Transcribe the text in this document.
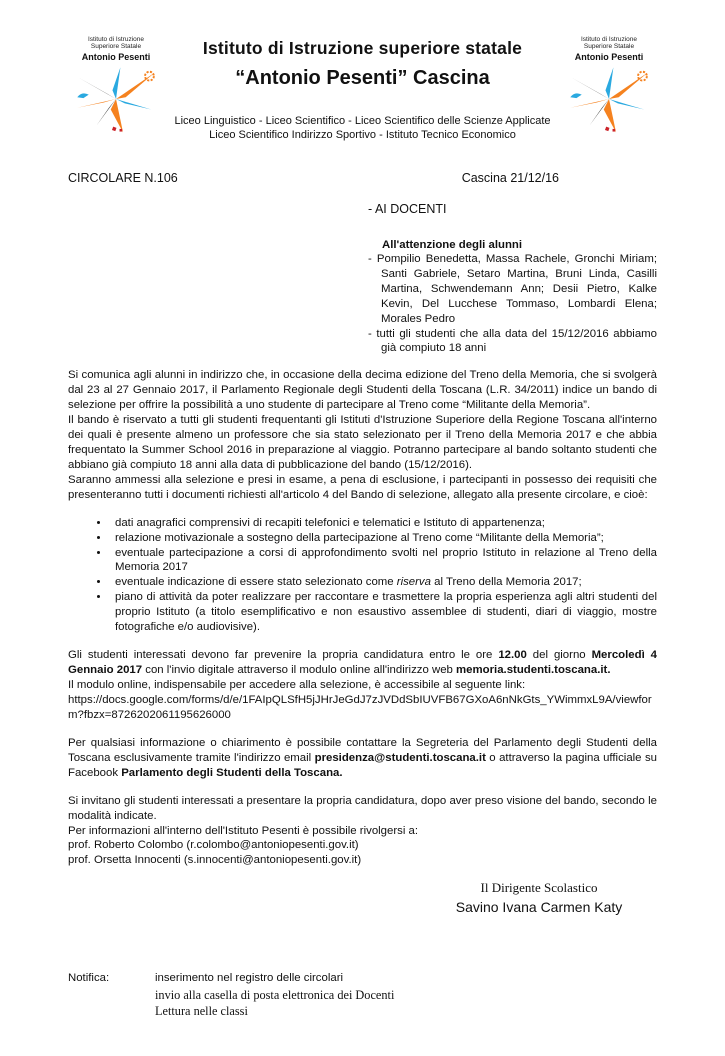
Istituto di Istruzione
Superiore Statale
Antonio Pesenti	Istituto di Istruzione superiore statale
“Antonio Pesenti” Cascina
Liceo Linguistico - Liceo Scientifico - Liceo Scientifico delle Scienze Applicate
Liceo Scientifico Indirizzo Sportivo - Istituto Tecnico Economico
Istituto di Istruzione
Superiore Statale
Antonio Pesenti
CIRCOLARE N.106	Cascina 21/12/16
- AI DOCENTI
All'attenzione degli alunni
- Pompilio Benedetta, Massa Rachele, Gronchi Miriam; Santi Gabriele, Setaro Martina, Bruni Linda, Casilli Martina, Schwendemann Ann; Desii Pietro, Kalke Kevin, Del Lucchese Tommaso, Lombardi Elena; Morales Pedro
- tutti gli studenti che alla data del 15/12/2016 abbiamo già compiuto 18 anni
Si comunica agli alunni in indirizzo che, in occasione della decima edizione del Treno della Memoria, che si svolgerà dal 23 al 27 Gennaio 2017, il Parlamento Regionale degli Studenti della Toscana (L.R. 34/2011) indice un bando di selezione per offrire la possibilità a uno studente di partecipare al Treno come “Militante della Memoria”.
Il bando è riservato a tutti gli studenti frequentanti gli Istituti d'Istruzione Superiore della Regione Toscana all'interno dei quali è presente almeno un professore che sia stato selezionato per il Treno della Memoria 2017 e che abbia frequentato la Summer School 2016 in preparazione al viaggio. Potranno partecipare al bando soltanto studenti che abbiano già compiuto 18 anni alla data di pubblicazione del bando (15/12/2016).
Saranno ammessi alla selezione e presi in esame, a pena di esclusione, i partecipanti in possesso dei requisiti che presenteranno tutti i documenti richiesti all'articolo 4 del Bando di selezione, allegato alla presente circolare, e cioè:
• dati anagrafici comprensivi di recapiti telefonici e telematici e Istituto di appartenenza;
• relazione motivazionale a sostegno della partecipazione al Treno come “Militante della Memoria”;
• eventuale partecipazione a corsi di approfondimento svolti nel proprio Istituto in relazione al Treno della Memoria 2017
• eventuale indicazione di essere stato selezionato come riserva al Treno della Memoria 2017;
• piano di attività da poter realizzare per raccontare e trasmettere la propria esperienza agli altri studenti del proprio Istituto (a titolo esemplificativo e non esaustivo assemblee di studenti, diari di viaggio, mostre fotografiche e/o audiovisive).
Gli studenti interessati devono far prevenire la propria candidatura entro le ore 12.00 del giorno Mercoledì 4 Gennaio 2017 con l'invio digitale attraverso il modulo online all'indirizzo web memoria.studenti.toscana.it.
Il modulo online, indispensabile per accedere alla selezione, è accessibile al seguente link:
https://docs.google.com/forms/d/e/1FAIpQLSfH5jJHrJeGdJ7zJVDdSbIUVFB67GXoA6nNkGts_YWimmxL9A/viewform?fbzx=8726202061195626000
Per qualsiasi informazione o chiarimento è possibile contattare la Segreteria del Parlamento degli Studenti della Toscana esclusivamente tramite l'indirizzo email presidenza@studenti.toscana.it o attraverso la pagina ufficiale su Facebook Parlamento degli Studenti della Toscana.
Si invitano gli studenti interessati a presentare la propria candidatura, dopo aver preso visione del bando, secondo le modalità indicate.
Per informazioni all'interno dell'Istituto Pesenti è possibile rivolgersi a:
prof. Roberto Colombo (r.colombo@antoniopesenti.gov.it)
prof. Orsetta Innocenti (s.innocenti@antoniopesenti.gov.it)
Il Dirigente Scolastico
Savino Ivana Carmen Katy
Notifica:	inserimento nel registro delle circolari
invio alla casella di posta elettronica dei Docenti
Lettura nelle classi
